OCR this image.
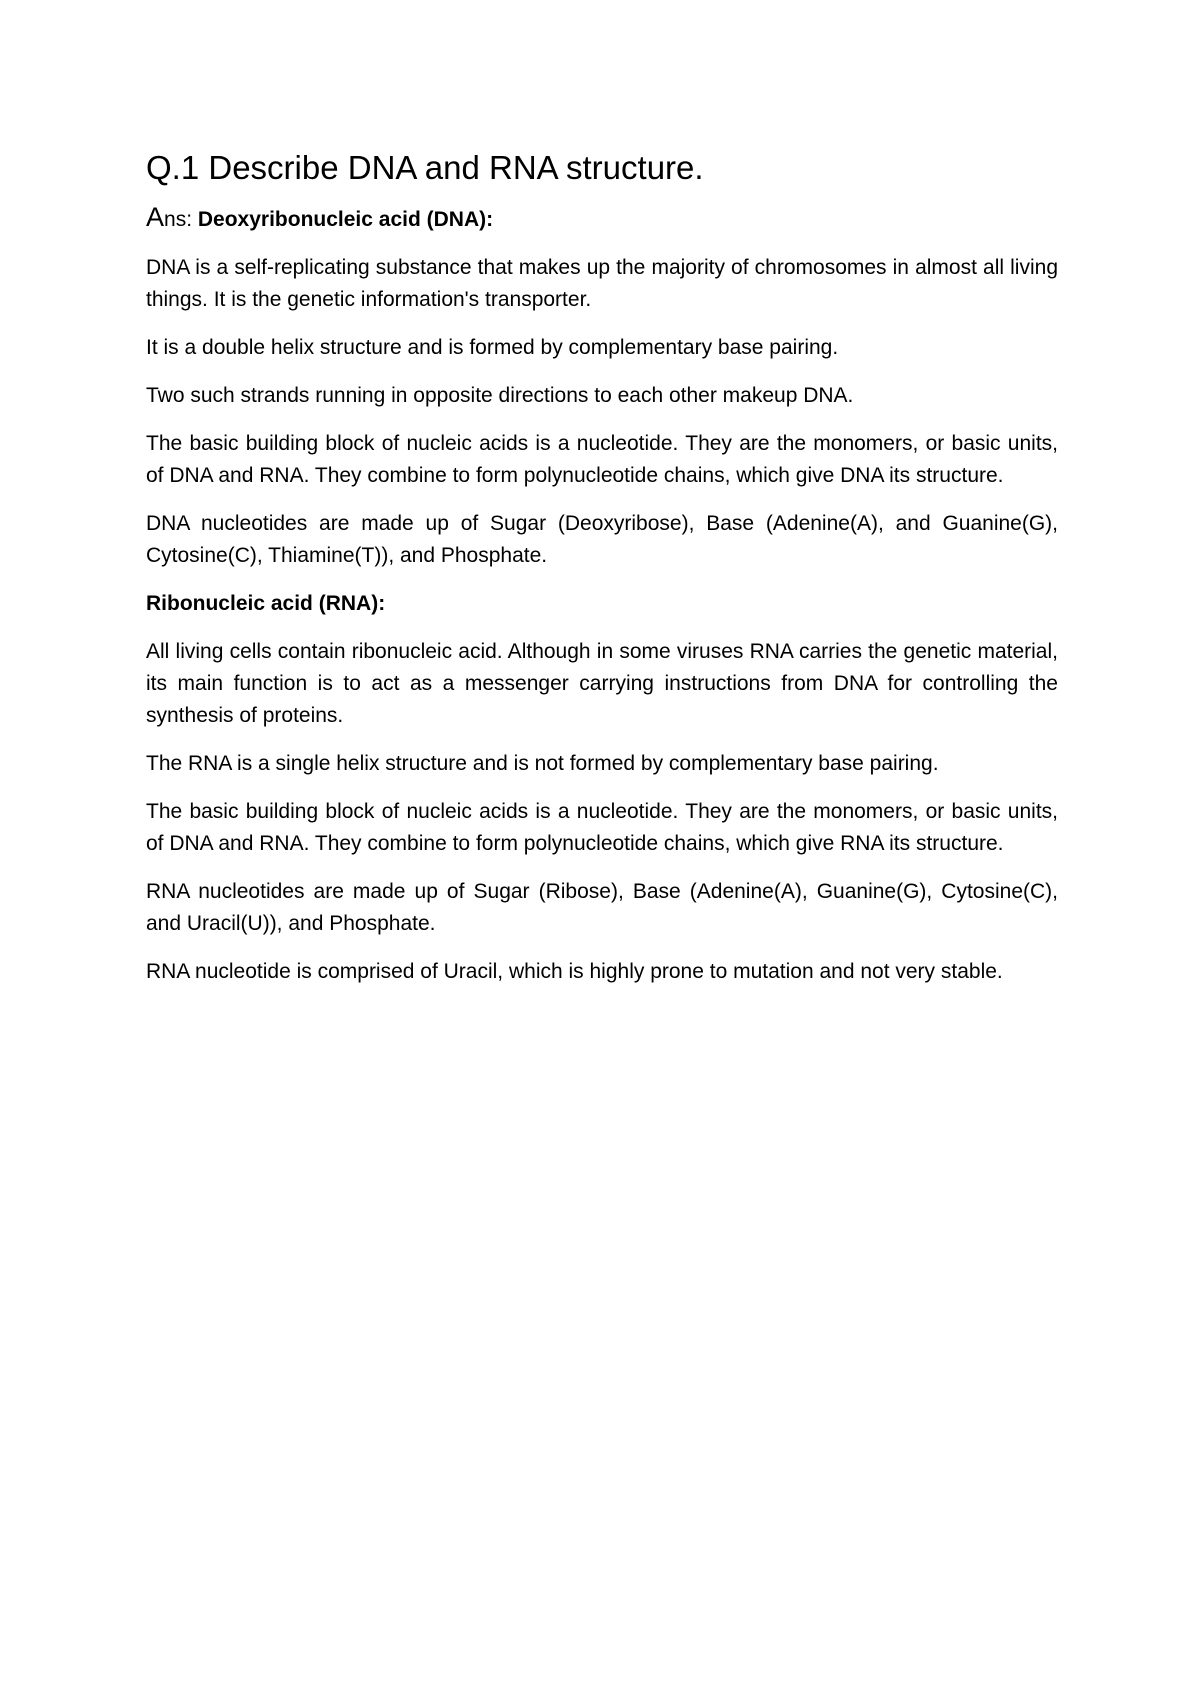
Q.1 Describe DNA and RNA structure.
Ans: Deoxyribonucleic acid (DNA):

DNA is a self-replicating substance that makes up the majority of chromosomes in almost all living things. It is the genetic information's transporter.

It is a double helix structure and is formed by complementary base pairing.

Two such strands running in opposite directions to each other makeup DNA.

The basic building block of nucleic acids is a nucleotide. They are the monomers, or basic units, of DNA and RNA. They combine to form polynucleotide chains, which give DNA its structure.

DNA nucleotides are made up of Sugar (Deoxyribose), Base (Adenine(A), and Guanine(G), Cytosine(C), Thiamine(T)), and Phosphate.

Ribonucleic acid (RNA):

All living cells contain ribonucleic acid. Although in some viruses RNA carries the genetic material, its main function is to act as a messenger carrying instructions from DNA for controlling the synthesis of proteins.

The RNA is a single helix structure and is not formed by complementary base pairing.

The basic building block of nucleic acids is a nucleotide. They are the monomers, or basic units, of DNA and RNA. They combine to form polynucleotide chains, which give RNA its structure.

RNA nucleotides are made up of Sugar (Ribose), Base (Adenine(A), Guanine(G), Cytosine(C), and Uracil(U)), and Phosphate.

RNA nucleotide is comprised of Uracil, which is highly prone to mutation and not very stable.
